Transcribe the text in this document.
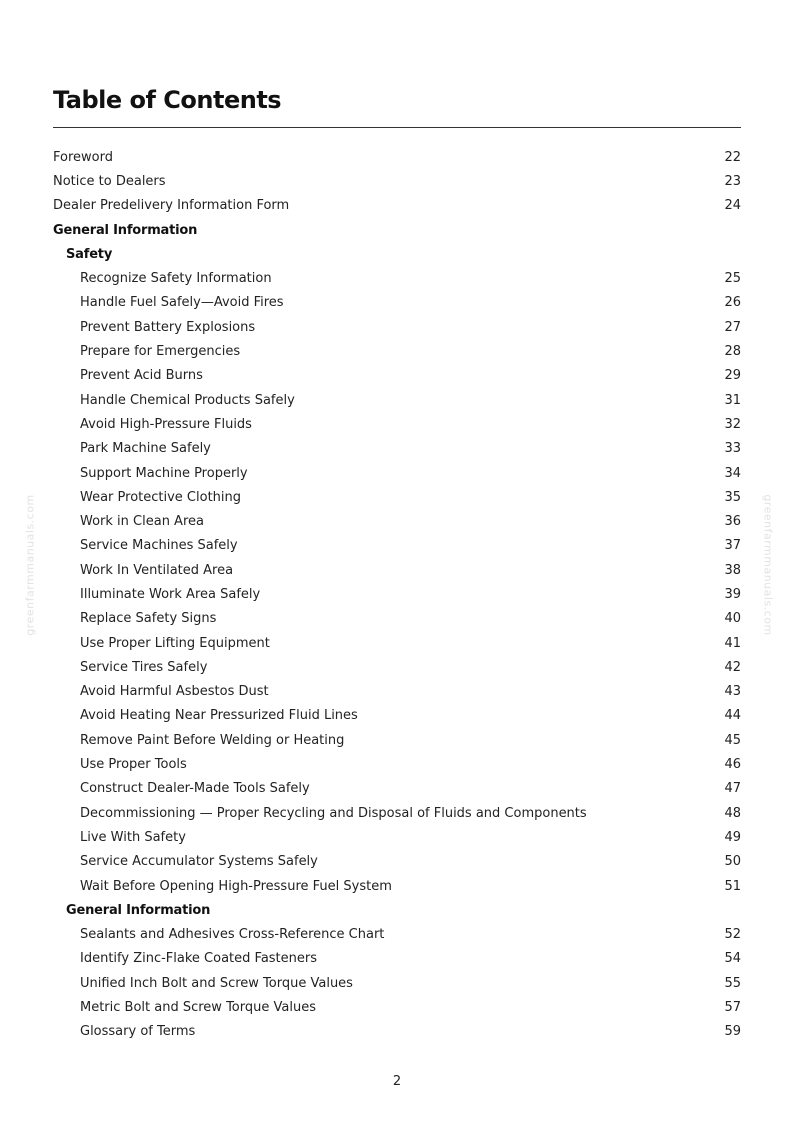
Table of Contents
Foreword	22
Notice to Dealers	23
Dealer Predelivery Information Form	24
General Information
Safety
Recognize Safety Information	25
Handle Fuel Safely—Avoid Fires	26
Prevent Battery Explosions	27
Prepare for Emergencies	28
Prevent Acid Burns	29
Handle Chemical Products Safely	31
Avoid High-Pressure Fluids	32
Park Machine Safely	33
Support Machine Properly	34
Wear Protective Clothing	35
Work in Clean Area	36
Service Machines Safely	37
Work In Ventilated Area	38
Illuminate Work Area Safely	39
Replace Safety Signs	40
Use Proper Lifting Equipment	41
Service Tires Safely	42
Avoid Harmful Asbestos Dust	43
Avoid Heating Near Pressurized Fluid Lines	44
Remove Paint Before Welding or Heating	45
Use Proper Tools	46
Construct Dealer-Made Tools Safely	47
Decommissioning — Proper Recycling and Disposal of Fluids and Components	48
Live With Safety	49
Service Accumulator Systems Safely	50
Wait Before Opening High-Pressure Fuel System	51
General Information
Sealants and Adhesives Cross-Reference Chart	52
Identify Zinc-Flake Coated Fasteners	54
Unified Inch Bolt and Screw Torque Values	55
Metric Bolt and Screw Torque Values	57
Glossary of Terms	59
2
greenfarmmanuals.com	greenfarmmanuals.com
